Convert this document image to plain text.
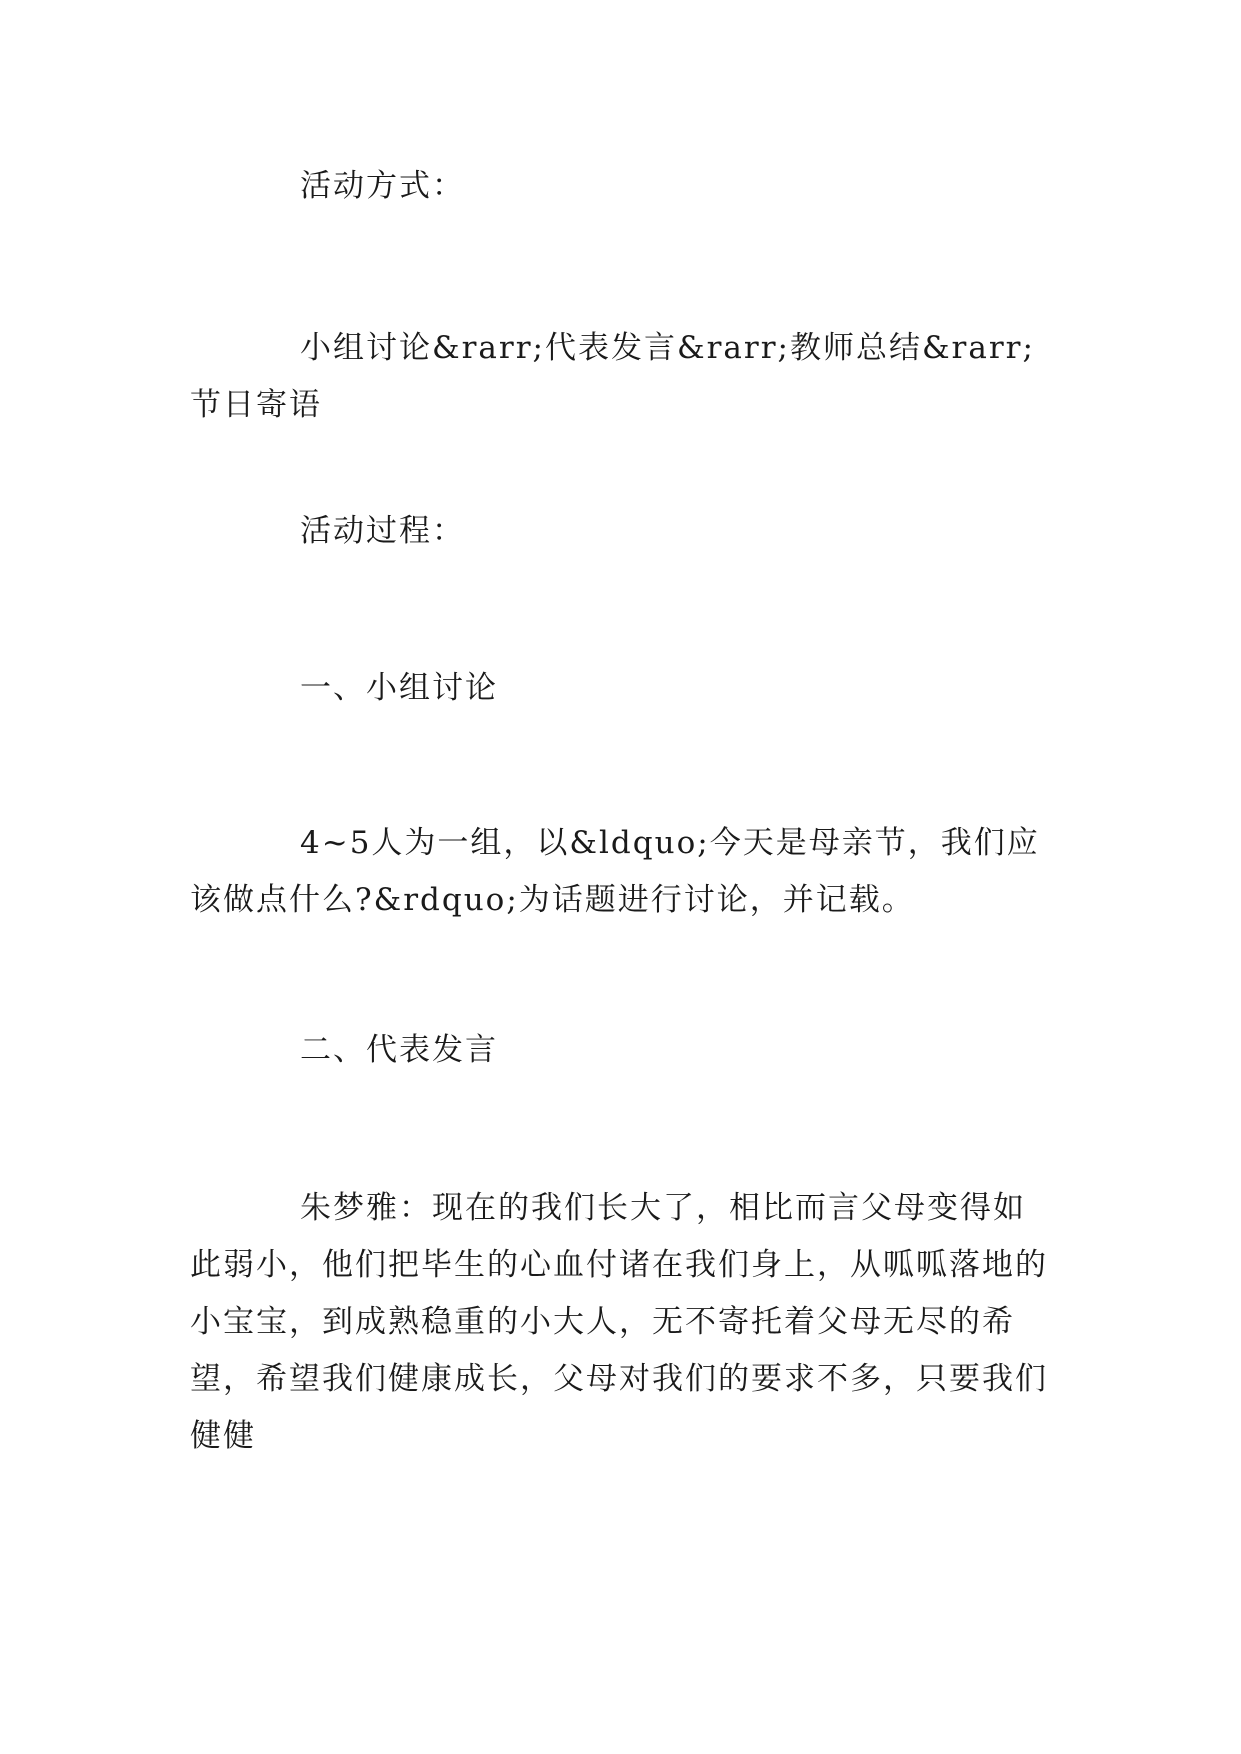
活动方式：

小组讨论&rarr;代表发言&rarr;教师总结&rarr;节日寄语

活动过程：

一、小组讨论

4~5人为一组，以&ldquo;今天是母亲节，我们应该做点什么?&rdquo;为话题进行讨论，并记载。

二、代表发言

朱梦雅：现在的我们长大了，相比而言父母变得如此弱小，他们把毕生的心血付诸在我们身上，从呱呱落地的小宝宝，到成熟稳重的小大人，无不寄托着父母无尽的希望，希望我们健康成长，父母对我们的要求不多，只要我们健健
